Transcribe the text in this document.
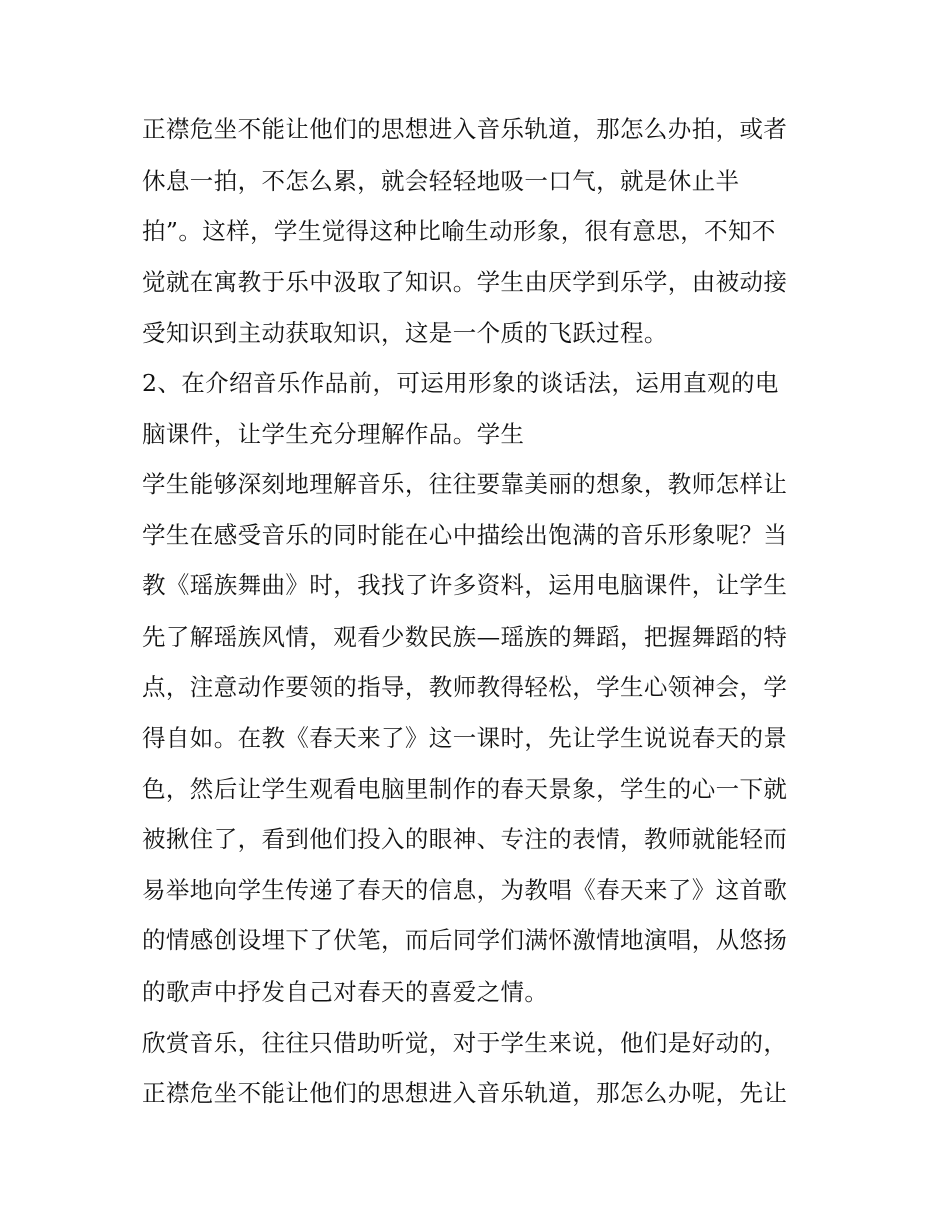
正襟危坐不能让他们的思想进入音乐轨道，那怎么办拍，或者
休息一拍，不怎么累，就会轻轻地吸一口气，就是休止半
拍”。这样，学生觉得这种比喻生动形象，很有意思，不知不
觉就在寓教于乐中汲取了知识。学生由厌学到乐学，由被动接
受知识到主动获取知识，这是一个质的飞跃过程。
2、在介绍音乐作品前，可运用形象的谈话法，运用直观的电
脑课件，让学生充分理解作品。学生
学生能够深刻地理解音乐，往往要靠美丽的想象，教师怎样让
学生在感受音乐的同时能在心中描绘出饱满的音乐形象呢？当
教《瑶族舞曲》时，我找了许多资料，运用电脑课件，让学生
先了解瑶族风情，观看少数民族—瑶族的舞蹈，把握舞蹈的特
点，注意动作要领的指导，教师教得轻松，学生心领神会，学
得自如。在教《春天来了》这一课时，先让学生说说春天的景
色，然后让学生观看电脑里制作的春天景象，学生的心一下就
被揪住了，看到他们投入的眼神、专注的表情，教师就能轻而
易举地向学生传递了春天的信息，为教唱《春天来了》这首歌
的情感创设埋下了伏笔，而后同学们满怀激情地演唱，从悠扬
的歌声中抒发自己对春天的喜爱之情。
欣赏音乐，往往只借助听觉，对于学生来说，他们是好动的，
正襟危坐不能让他们的思想进入音乐轨道，那怎么办呢，先让
